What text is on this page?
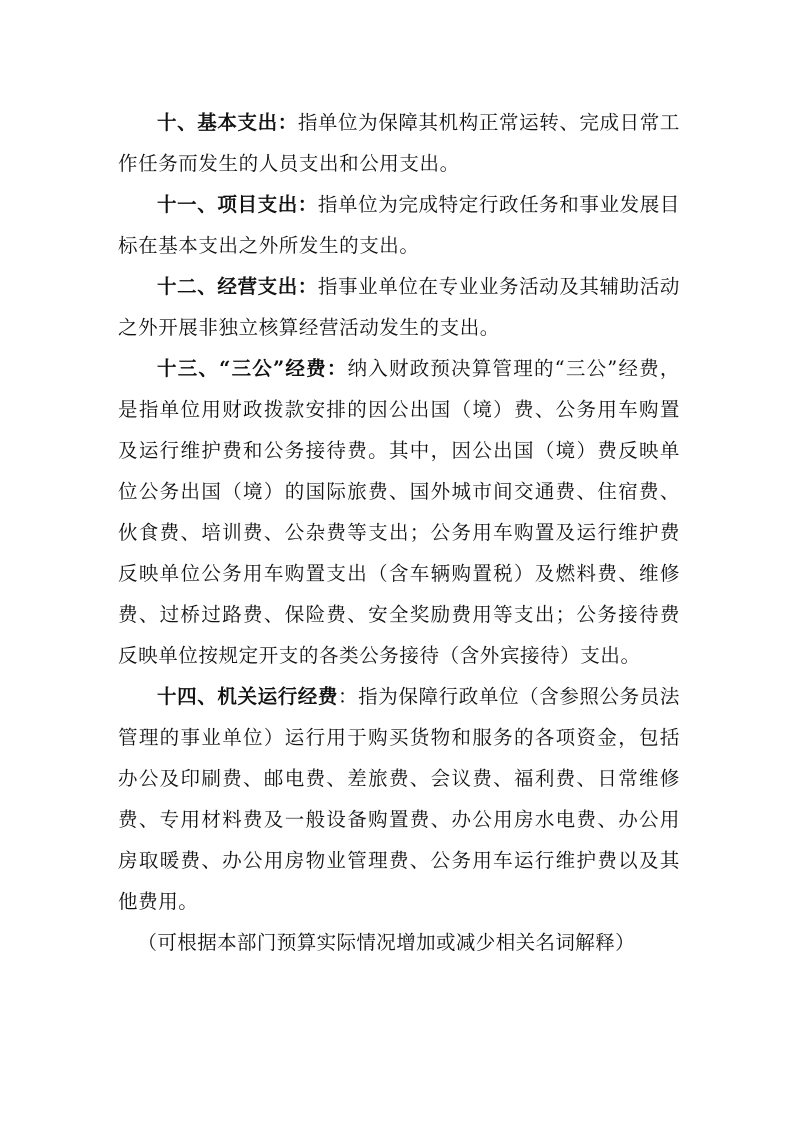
十、基本支出：指单位为保障其机构正常运转、完成日常工作任务而发生的人员支出和公用支出。

十一、项目支出：指单位为完成特定行政任务和事业发展目标在基本支出之外所发生的支出。

十二、经营支出：指事业单位在专业业务活动及其辅助活动之外开展非独立核算经营活动发生的支出。

十三、“三公”经费：纳入财政预决算管理的“三公”经费，是指单位用财政拨款安排的因公出国（境）费、公务用车购置及运行维护费和公务接待费。其中，因公出国（境）费反映单位公务出国（境）的国际旅费、国外城市间交通费、住宿费、伙食费、培训费、公杂费等支出；公务用车购置及运行维护费反映单位公务用车购置支出（含车辆购置税）及燃料费、维修费、过桥过路费、保险费、安全奖励费用等支出；公务接待费反映单位按规定开支的各类公务接待（含外宾接待）支出。

十四、机关运行经费：指为保障行政单位（含参照公务员法管理的事业单位）运行用于购买货物和服务的各项资金，包括办公及印刷费、邮电费、差旅费、会议费、福利费、日常维修费、专用材料费及一般设备购置费、办公用房水电费、办公用房取暖费、办公用房物业管理费、公务用车运行维护费以及其他费用。

（可根据本部门预算实际情况增加或减少相关名词解释）
